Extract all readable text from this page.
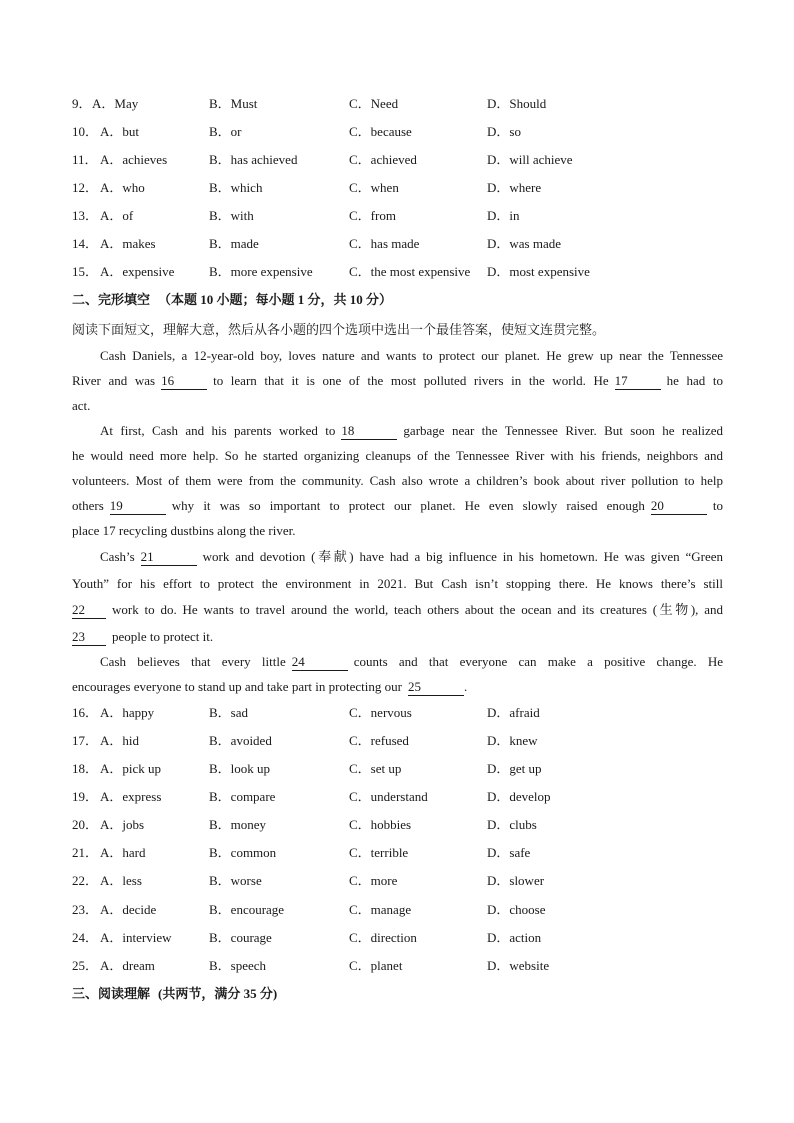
9． A．May	B．Must	C．Need	D．Should
10． A．but	B．or	C．because	D．so
11． A．achieves	B．has achieved	C．achieved	D．will achieve
12． A．who	B．which	C．when	D．where
13． A．of	B．with	C．from	D．in
14． A．makes	B．made	C．has made	D．was made
15． A．expensive	B．more expensive	C．the most expensive D．most expensive
二、完形填空 （本题 10 小题；每小题 1 分，共 10 分）
阅读下面短文，理解大意，然后从各小题的四个选项中选出一个最佳答案，使短文连贯完整。
Cash Daniels, a 12-year-old boy, loves nature and wants to protect our planet. He grew up near the Tennessee
River and was 16	to learn that it is one of the most polluted rivers in the world. He 17	he had to
act.
At first, Cash and his parents worked to 18	garbage near the Tennessee River. But soon he realized
he would need more help. So he started organizing cleanups of the Tennessee River with his friends, neighbors and
volunteers. Most of them were from the community. Cash also wrote a children’s book about river pollution to help
others 19	why it was so important to protect our planet. He even slowly raised enough 20	to
place 17 recycling dustbins along the river.
Cash’s 21	work and devotion (奉献) have had a big influence in his hometown. He was given “Green
Youth” for his effort to protect the environment in 2021. But Cash isn’t stopping there. He knows there’s still
22 work to do. He wants to travel around the world, teach others about the ocean and its creatures (生物), and
23 people to protect it.
Cash believes that every little 24	counts and that everyone can make a positive change. He
encourages everyone to stand up and take part in protecting our 25	.
16． A．happy	B．sad	C．nervous	D．afraid
17． A．hid	B．avoided	C．refused	D．knew
18． A．pick up	B．look up	C．set up	D．get up
19． A．express	B．compare	C．understand	D．develop
20． A．jobs	B．money	C．hobbies	D．clubs
21． A．hard	B．common	C．terrible	D．safe
22． A．less	B．worse	C．more	D．slower
23． A．decide	B．encourage	C．manage	D．choose
24． A．interview	B．courage	C．direction	D．action
25． A．dream	B．speech	C．planet	D．website
三、阅读理解 (共两节，满分 35 分)
